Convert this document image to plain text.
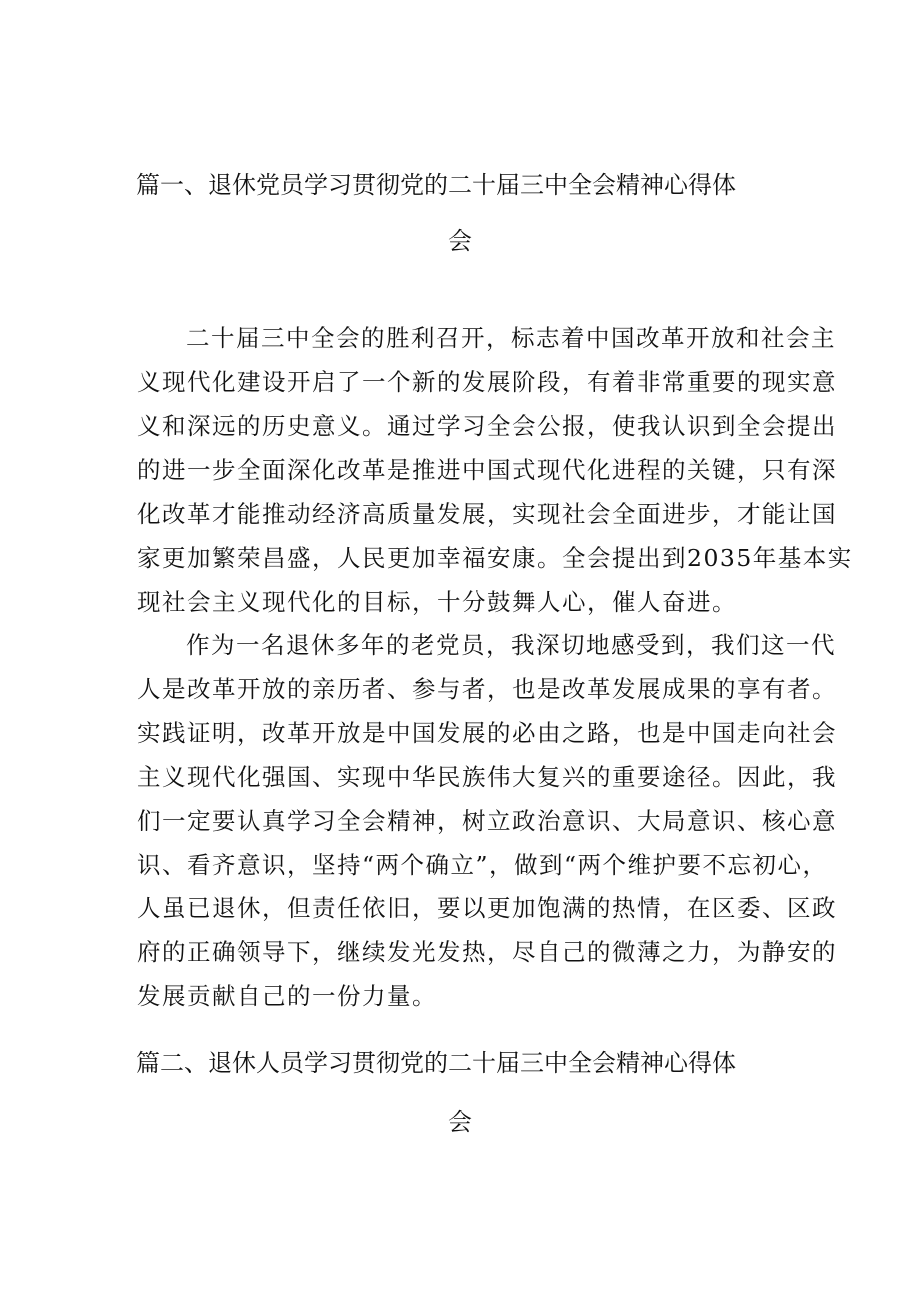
篇一、退休党员学习贯彻党的二十届三中全会精神心得体
会

二十届三中全会的胜利召开，标志着中国改革开放和社会主

义现代化建设开启了一个新的发展阶段，有着非常重要的现实意

义和深远的历史意义。通过学习全会公报，使我认识到全会提出

的进一步全面深化改革是推进中国式现代化进程的关键，只有深

化改革才能推动经济高质量发展，实现社会全面进步，才能让国

家更加繁荣昌盛，人民更加幸福安康。全会提出到2035年基本实

现社会主义现代化的目标，十分鼓舞人心，催人奋进。

作为一名退休多年的老党员，我深切地感受到，我们这一代

人是改革开放的亲历者、参与者，也是改革发展成果的享有者。

实践证明，改革开放是中国发展的必由之路，也是中国走向社会

主义现代化强国、实现中华民族伟大复兴的重要途径。因此，我

们一定要认真学习全会精神，树立政治意识、大局意识、核心意

识、看齐意识，坚持“两个确立”，做到“两个维护要不忘初心，

人虽已退休，但责任依旧，要以更加饱满的热情，在区委、区政

府的正确领导下，继续发光发热，尽自己的微薄之力，为静安的

发展贡献自己的一份力量。

篇二、退休人员学习贯彻党的二十届三中全会精神心得体
会
